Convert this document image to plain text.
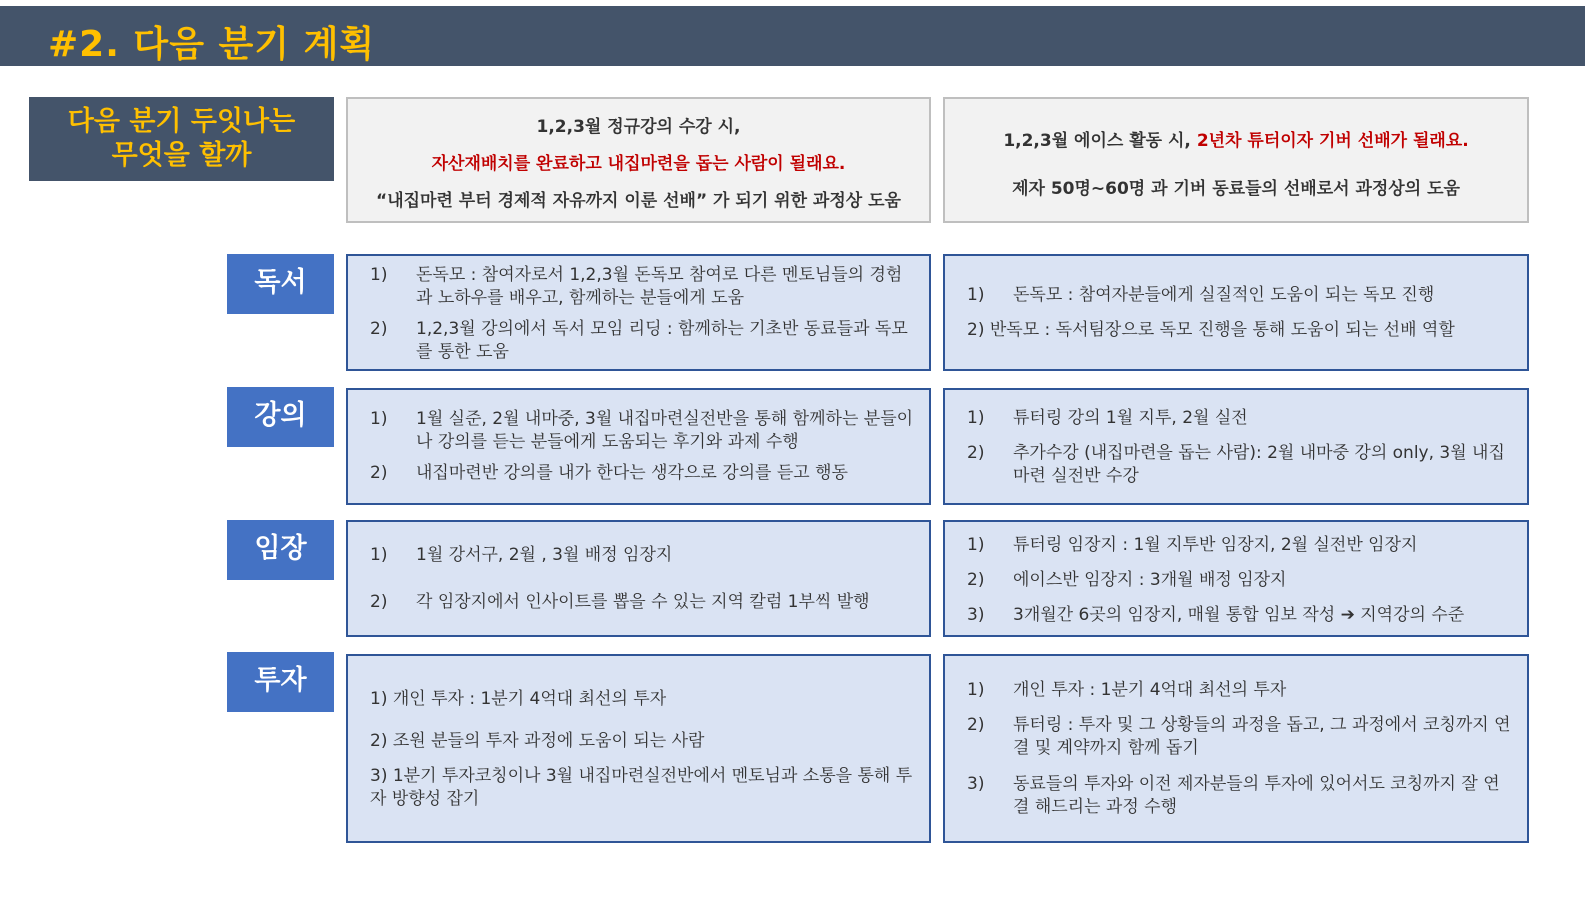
#2. 다음 분기 계획
다음 분기 두잇나는
무엇을 할까
1,2,3월 정규강의 수강 시,
자산재배치를 완료하고 내집마련을 돕는 사람이 될래요.
“내집마련 부터 경제적 자유까지 이룬 선배” 가 되기 위한 과정상 도움
1,2,3월 에이스 활동 시, 2년차 튜터이자 기버 선배가 될래요.
제자 50명~60명 과 기버 동료들의 선배로서 과정상의 도움
독서	1)	돈독모 : 참여자로서 1,2,3월 돈독모 참여로 다른 멘토님들의 경험과 노하우를 배우고, 함께하는 분들에게 도움
2)	1,2,3월 강의에서 독서 모임 리딩 : 함께하는 기초반 동료들과 독모를 통한 도움
1)	돈독모 : 참여자분들에게 실질적인 도움이 되는 독모 진행
2) 반독모 : 독서팀장으로 독모 진행을 통해 도움이 되는 선배 역할
강의	1)	1월 실준, 2월 내마중, 3월 내집마련실전반을 통해 함께하는 분들이나 강의를 듣는 분들에게 도움되는 후기와 과제 수행
2)	내집마련반 강의를 내가 한다는 생각으로 강의를 듣고 행동
1)	튜터링 강의 1월 지투, 2월 실전
2)	추가수강 (내집마련을 돕는 사람): 2월 내마중 강의 only, 3월 내집마련 실전반 수강
임장	1)	1월 강서구, 2월 , 3월 배정 임장지
2)	각 임장지에서 인사이트를 뽑을 수 있는 지역 칼럼 1부씩 발행
1)	튜터링 임장지 : 1월 지투반 임장지, 2월 실전반 임장지
2)	에이스반 임장지 : 3개월 배정 임장지
3)	3개월간 6곳의 임장지, 매월 통합 임보 작성 ➔ 지역강의 수준
투자
1) 개인 투자 : 1분기 4억대 최선의 투자
2) 조원 분들의 투자 과정에 도움이 되는 사람
3) 1분기 투자코칭이나 3월 내집마련실전반에서 멘토님과 소통을 통해 투자 방향성 잡기
1)	개인 투자 : 1분기 4억대 최선의 투자
2)	튜터링 : 투자 및 그 상황들의 과정을 돕고, 그 과정에서 코칭까지 연결 및 계약까지 함께 돕기
3)	동료들의 투자와 이전 제자분들의 투자에 있어서도 코칭까지 잘 연결 해드리는 과정 수행
